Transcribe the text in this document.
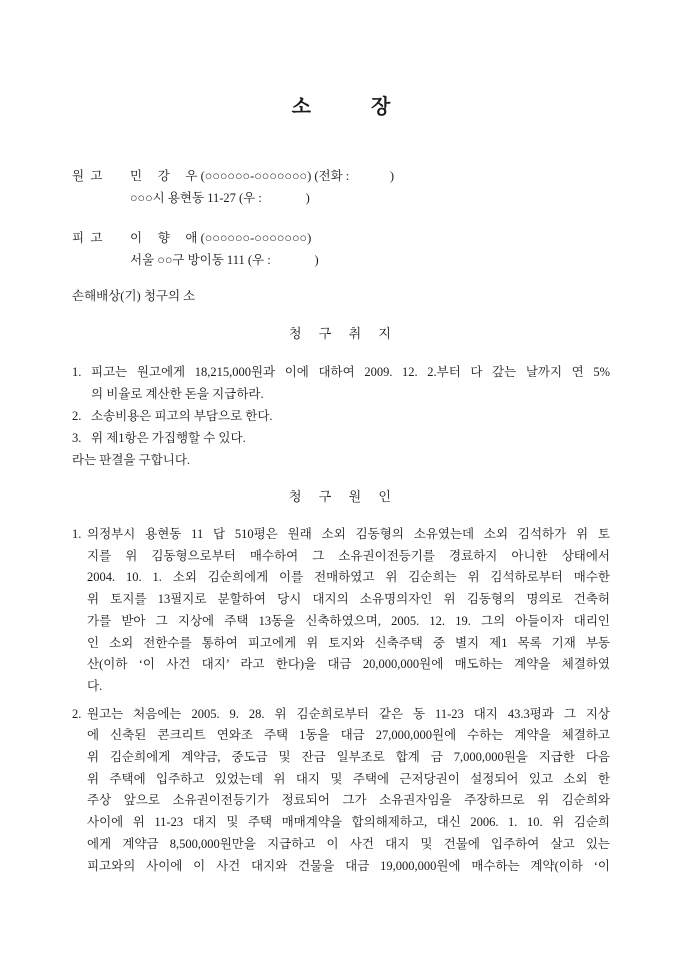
소            장
원  고	민     강     우 (○○○○○○-○○○○○○○) (전화 :             )
○○○시 용현동 11-27 (우 :              )
피  고	이     향     애 (○○○○○○-○○○○○○○)
서울 ○○구 방이동 111 (우 :              )
손해배상(기) 청구의 소
청 구 취 지
1. 피고는 원고에게 18,215,000원과 이에 대하여 2009. 12. 2.부터 다 갚는 날까지 연 5%
의 비율로 계산한 돈을 지급하라.
2. 소송비용은 피고의 부담으로 한다.
3. 위 제1항은 가집행할 수 있다.
라는 판결을 구합니다.
청 구 원 인
1. 의정부시 용현동 11 답 510평은 원래 소외 김동형의 소유였는데 소외 김석하가 위 토
지를 위 김동형으로부터 매수하여 그 소유권이전등기를 경료하지 아니한 상태에서
2004. 10. 1. 소외 김순희에게 이를 전매하였고 위 김순희는 위 김석하로부터 매수한
위 토지를 13필지로 분할하여 당시 대지의 소유명의자인 위 김동형의 명의로 건축허
가를 받아 그 지상에 주택 13동을 신축하였으며, 2005. 12. 19. 그의 아들이자 대리인
인 소외 전한수를 통하여 피고에게 위 토지와 신축주택 중 별지 제1 목록 기재 부동
산(이하 ‘이 사건 대지’ 라고 한다)을 대금 20,000,000원에 매도하는 계약을 체결하였
다.
2. 원고는 처음에는 2005. 9. 28. 위 김순희로부터 같은 동 11-23 대지 43.3평과 그 지상
에 신축된 콘크리트 연와조 주택 1동을 대금 27,000,000원에 수하는 계약을 체결하고
위 김순희에게 계약금, 중도금 및 잔금 일부조로 합계 금 7,000,000원을 지급한 다음
위 주택에 입주하고 있었는데 위 대지 및 주택에 근저당권이 설정되어 있고 소외 한
주상 앞으로 소유권이전등기가 정료되어 그가 소유권자임을 주장하므로 위 김순희와
사이에 위 11-23 대지 및 주택 매매계약을 합의해제하고, 대신 2006. 1. 10. 위 김순희
에게 계약금 8,500,000원만을 지급하고 이 사건 대지 및 건물에 입주하여 살고 있는
피고와의 사이에 이 사건 대지와 건물을 대금 19,000,000원에 매수하는 계약(이하 ‘이
